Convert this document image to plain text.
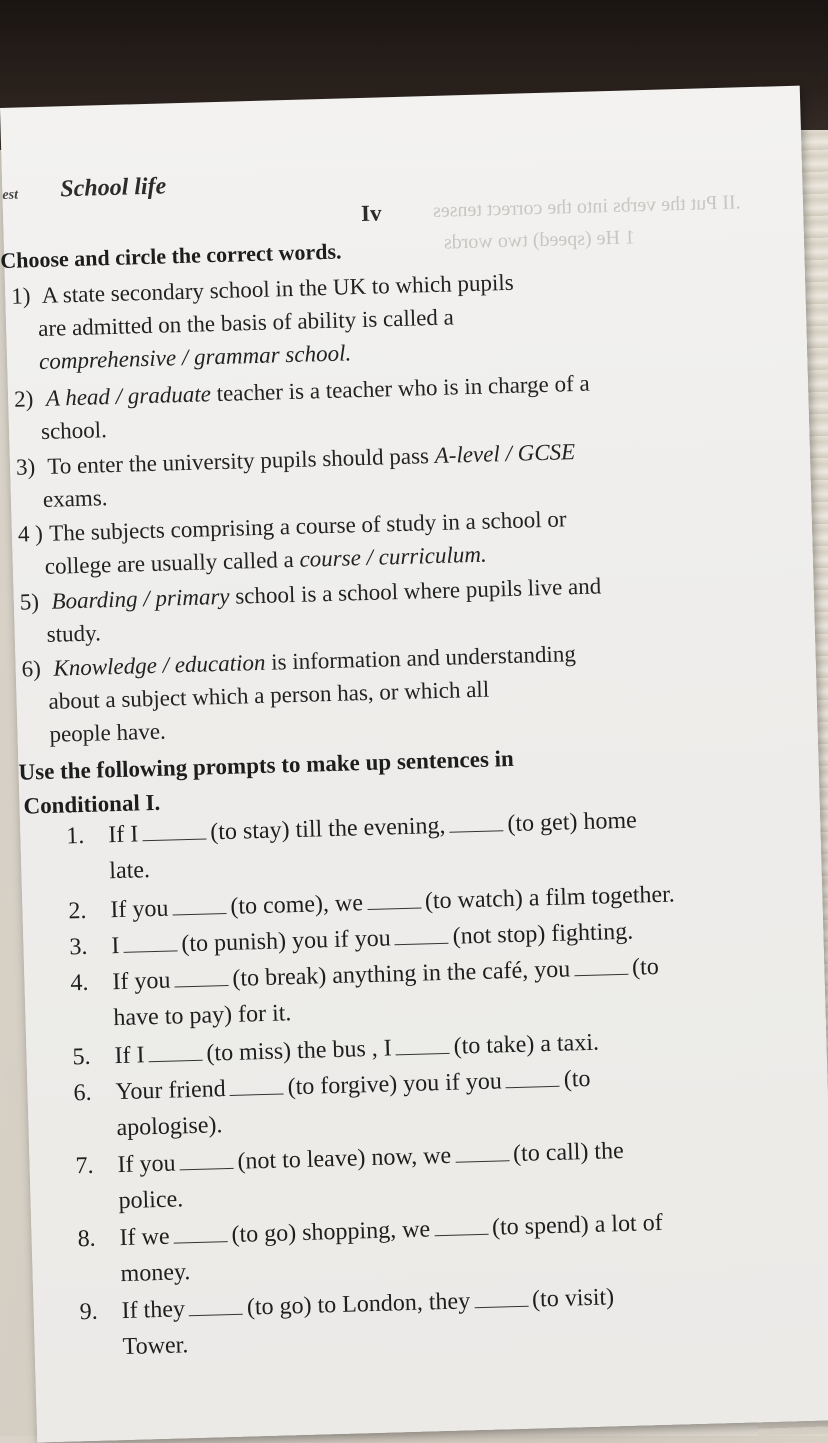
est School life
Iv	.II Put the verbs into the correct tenses
1 He (speed) two words
Choose and circle the correct words.
1) A state secondary school in the UK to which pupils
are admitted on the basis of ability is called a
comprehensive / grammar school.
2) A head / graduate teacher is a teacher who is in charge of a
school.
3) To enter the university pupils should pass A-level / GCSE
exams.
4 ) The subjects comprising a course of study in a school or
college are usually called a course / curriculum.
5) Boarding / primary school is a school where pupils live and
study.
6) Knowledge / education is information and understanding
about a subject which a person has, or which all
people have.
Use the following prompts to make up sentences in
Conditional I.
1. If I	(to stay) till the evening,	(to get) home
late.
2. If you	(to come), we	(to watch) a film together.
3. I	(to punish) you if you	(not stop) fighting.
4. If you	(to break) anything in the café, you	(to
have to pay) for it.
5. If I	(to miss) the bus , I	(to take) a taxi.
6. Your friend	(to forgive) you if you	(to
apologise).
7. If you	(not to leave) now, we	(to call) the
police.
8. If we	(to go) shopping, we	(to spend) a lot of
money.
9. If they	(to go) to London, they	(to visit)
Tower.
